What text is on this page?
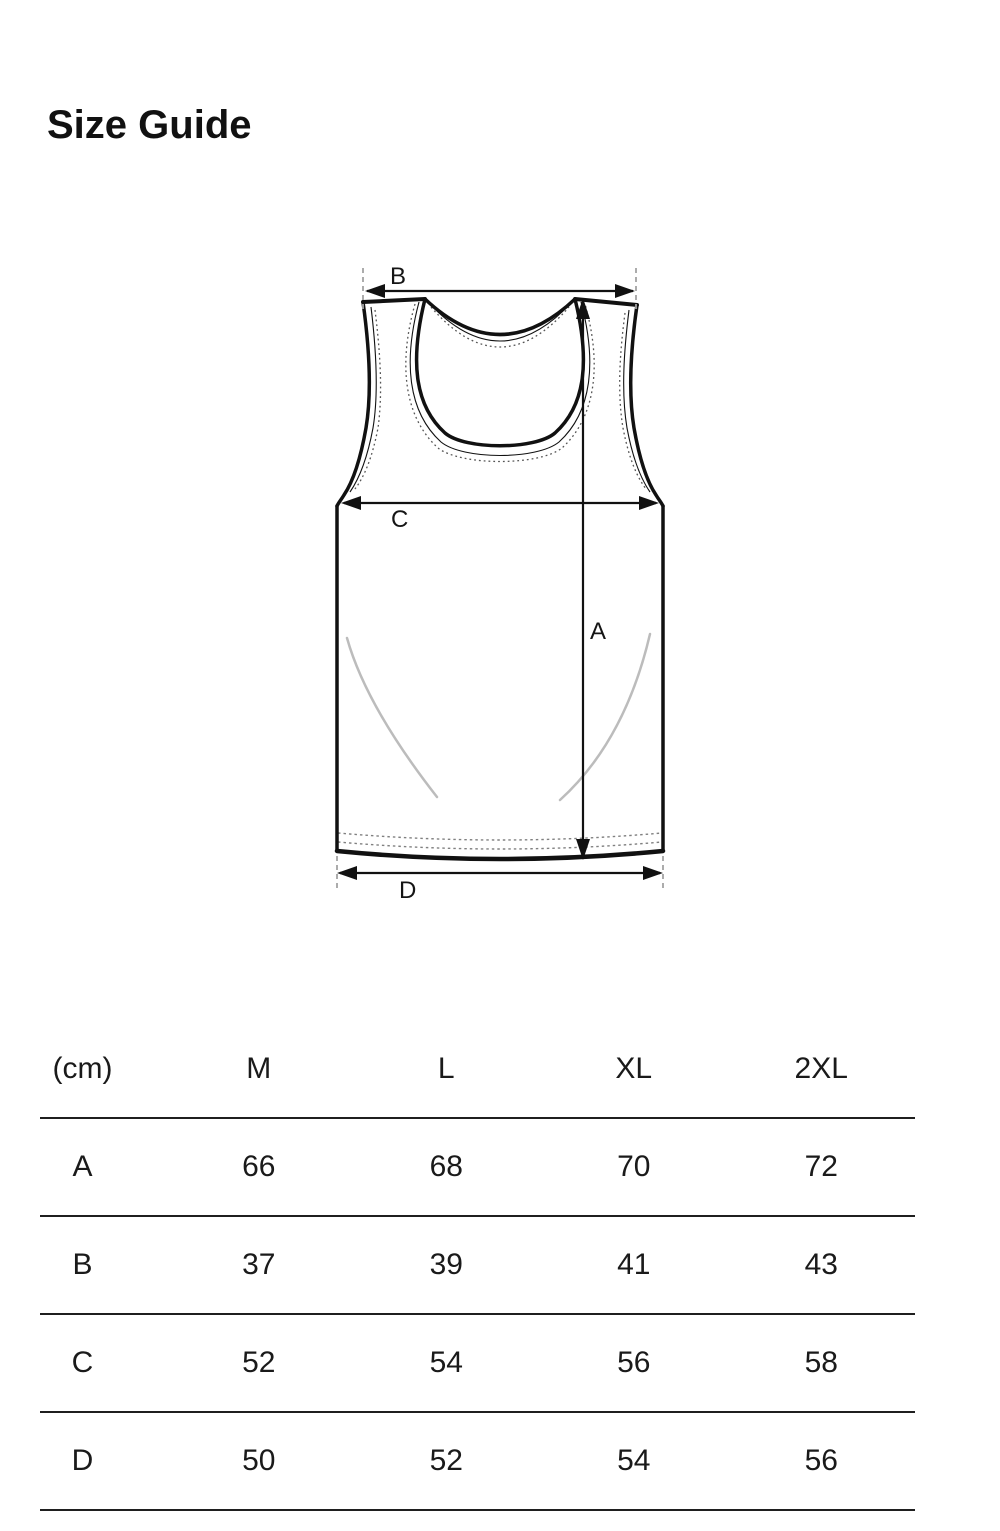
Size Guide
B
C
A
D
(cm)	M	L	XL	2XL
A	66	68	70	72
B	37	39	41	43
C	52	54	56	58
D	50	52	54	56
